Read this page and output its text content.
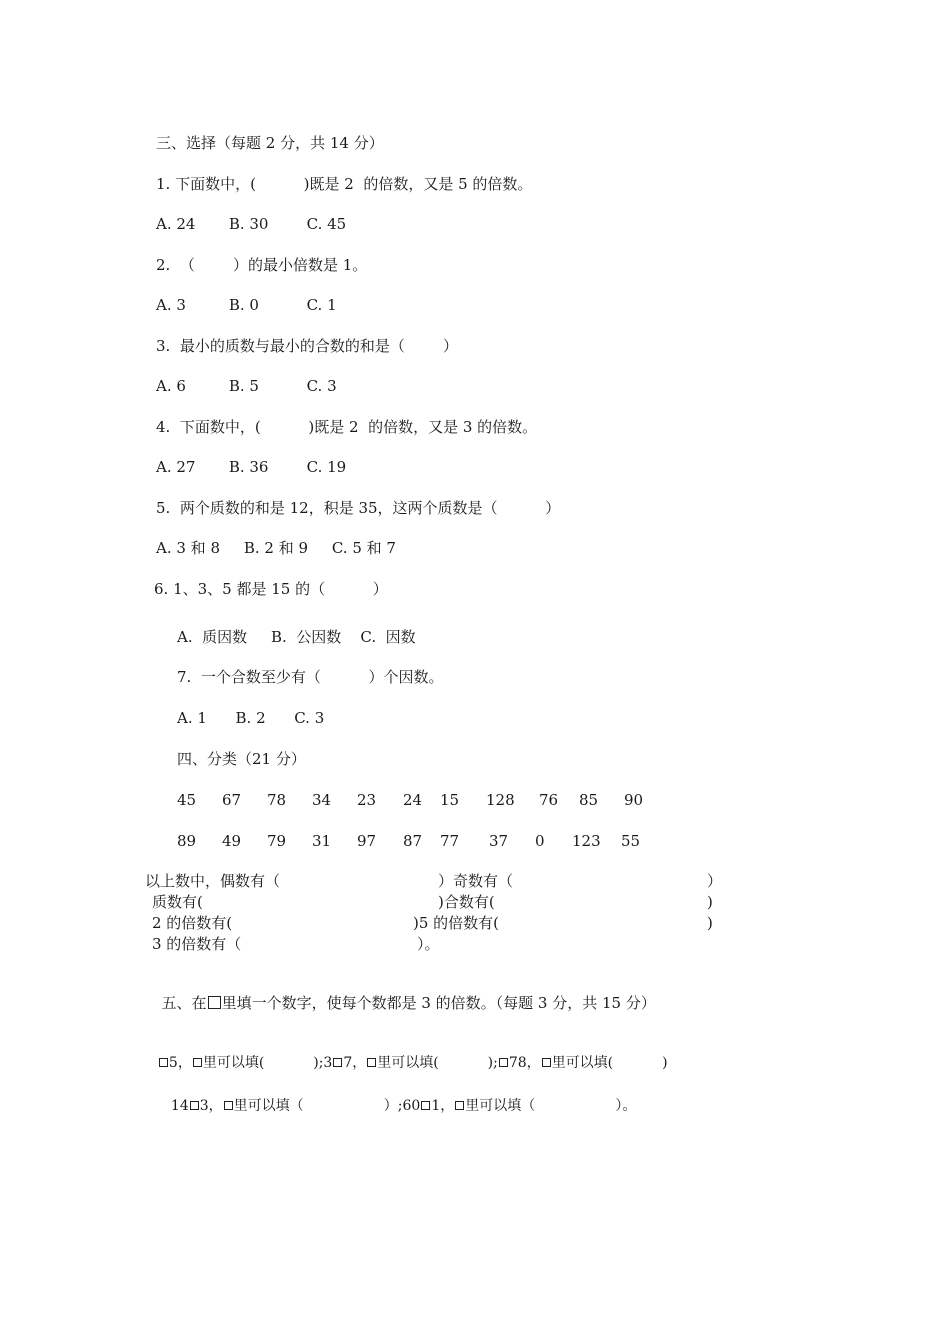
三、选择（每题 2 分，共 14 分）
1. 下面数中，(          )既是 2  的倍数，又是 5 的倍数。
A. 24       B. 30        C. 45
2.  （        ）的最小倍数是 1。
A. 3         B. 0          C. 1
3.  最小的质数与最小的合数的和是（        ）
A. 6         B. 5          C. 3
4.  下面数中，(          )既是 2  的倍数，又是 3 的倍数。
A. 27       B. 36        C. 19
5.  两个质数的和是 12，积是 35，这两个质数是（          ）
A. 3 和 8     B. 2 和 9     C. 5 和 7
6. 1、3、5 都是 15 的（          ）
A.  质因数     B.  公因数    C.  因数
7.  一个合数至少有（          ）个因数。
A. 1      B. 2      C. 3
四、分类（21 分）
45 67 78 34 23 24 15 128 76 85 90
89 49 79 31 97 87 77 37 0 123 55
以上数中，偶数有（	）奇数有（	）
质数有(	)合数有(	)
2 的倍数有(	)5 的倍数有(	)
3 的倍数有（	）。

五、在 里填一个数字，使每个数都是 3 的倍数。（每题 3 分，共 15 分）

5， 里可以填(           );3 7， 里可以填(           ); 78， 里可以填(           )

14 3， 里可以填（                  ）;60 1， 里可以填（                  ）。
